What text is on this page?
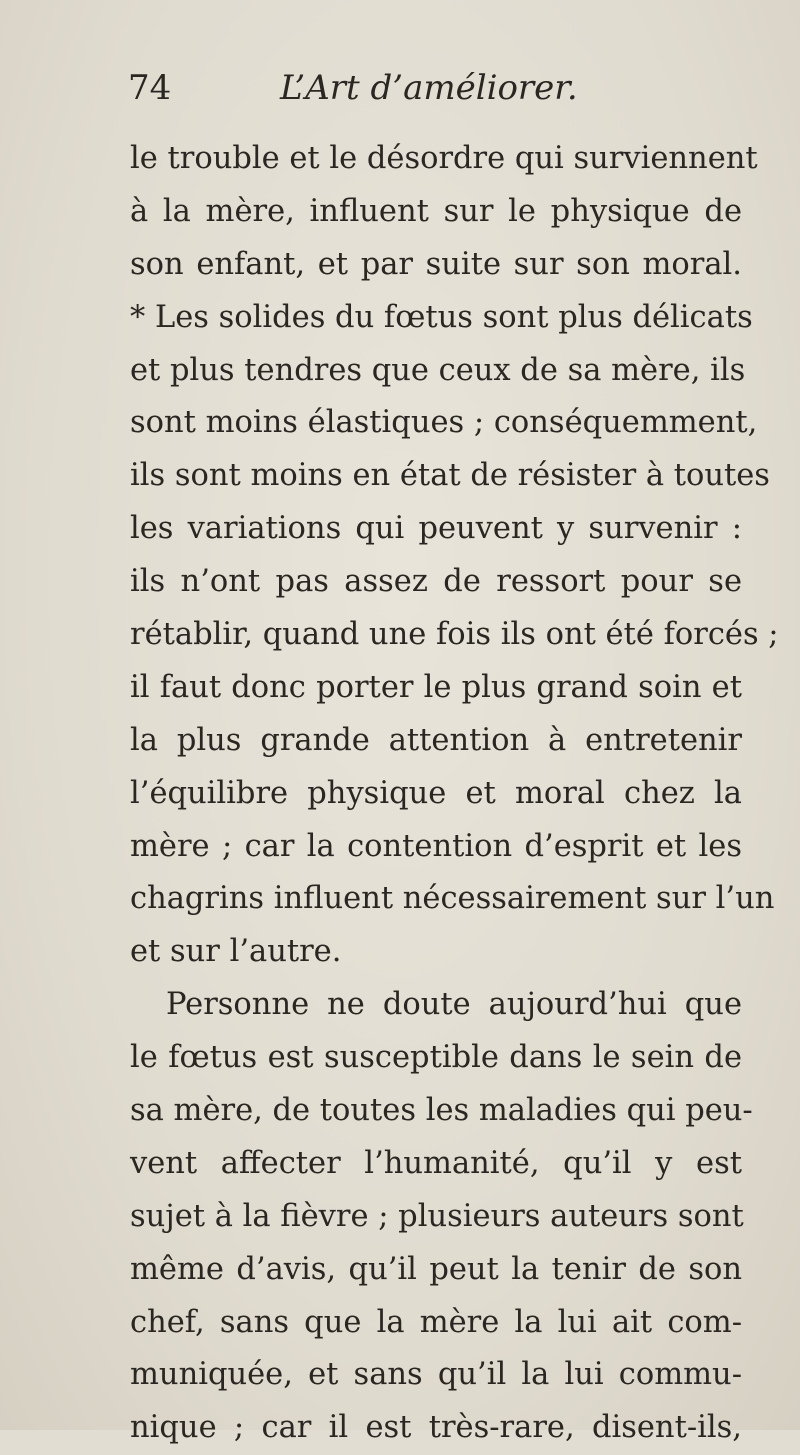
74	L’Art d’améliorer.
le trouble et le désordre qui surviennent
à la mère, influent sur le physique de
son enfant, et par suite sur son moral.
* Les solides du fœtus sont plus délicats
et plus tendres que ceux de sa mère, ils
sont moins élastiques ; conséquemment,
ils sont moins en état de résister à toutes
les variations qui peuvent y survenir :
ils n’ont pas assez de ressort pour se
rétablir, quand une fois ils ont été forcés ;
il faut donc porter le plus grand soin et
la plus grande attention à entretenir
l’équilibre physique et moral chez la
mère ; car la contention d’esprit et les
chagrins influent nécessairement sur l’un
et sur l’autre.
Personne ne doute aujourd’hui que
le fœtus est susceptible dans le sein de
sa mère, de toutes les maladies qui peu-
vent affecter l’humanité, qu’il y est
sujet à la fièvre ; plusieurs auteurs sont
même d’avis, qu’il peut la tenir de son
chef, sans que la mère la lui ait com-
muniquée, et sans qu’il la lui commu-
nique ; car il est très-rare, disent-ils,
